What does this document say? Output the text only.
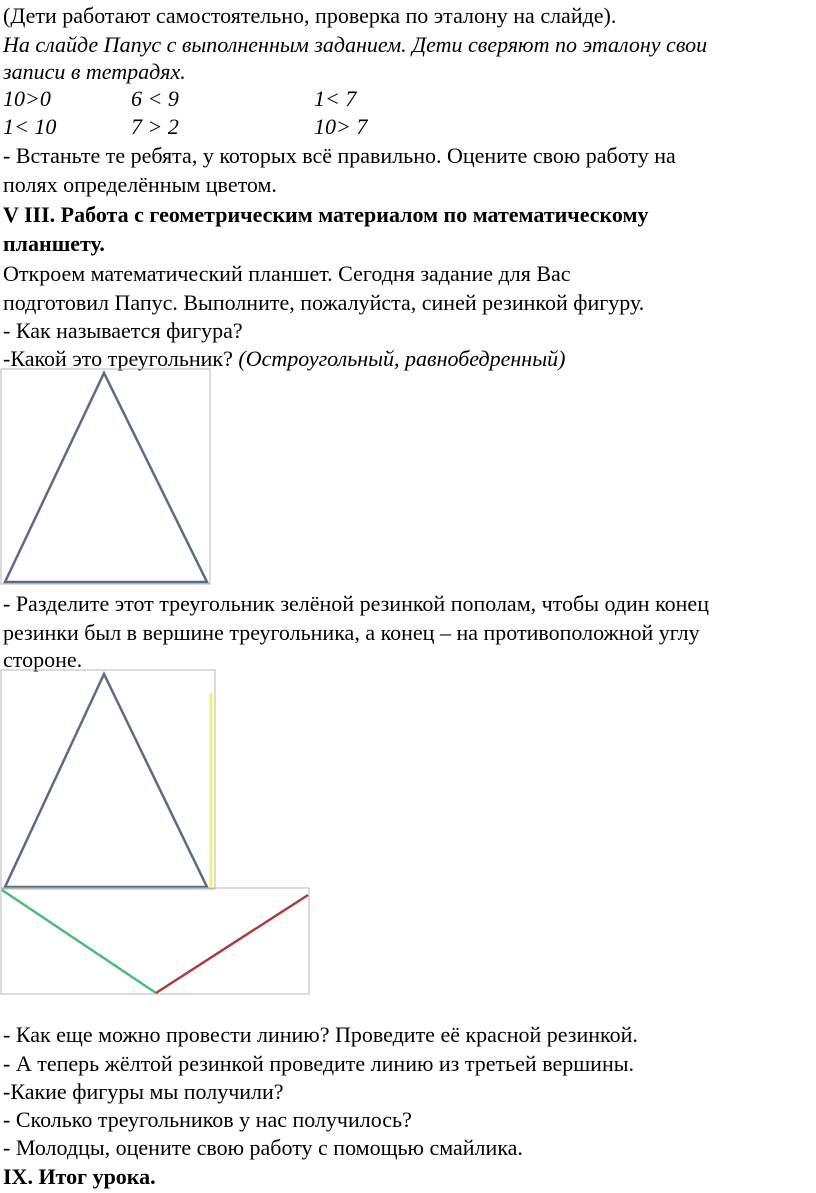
(Дети работают самостоятельно, проверка по эталону на слайде).
На слайде Папус с выполненным заданием. Дети сверяют по эталону свои
записи в тетрадях.
10>0	6 < 9	1< 7
1< 10	7 > 2	10> 7
- Встаньте те ребята, у которых всё правильно. Оцените свою работу на
полях определённым цветом.
V III. Работа с геометрическим материалом по математическому
планшету.
Откроем математический планшет. Сегодня задание для Вас
подготовил Папус. Выполните, пожалуйста, синей резинкой фигуру.
- Как называется фигура?
-Какой это треугольник? (Остроугольный, равнобедренный)
- Разделите этот треугольник зелёной резинкой пополам, чтобы один конец
резинки был в вершине треугольника, а конец – на противоположной углу
стороне.
- Как еще можно провести линию? Проведите её красной резинкой.
- А теперь жёлтой резинкой проведите линию из третьей вершины.
-Какие фигуры мы получили?
- Сколько треугольников у нас получилось?
- Молодцы, оцените свою работу с помощью смайлика.
IX. Итог урока.
